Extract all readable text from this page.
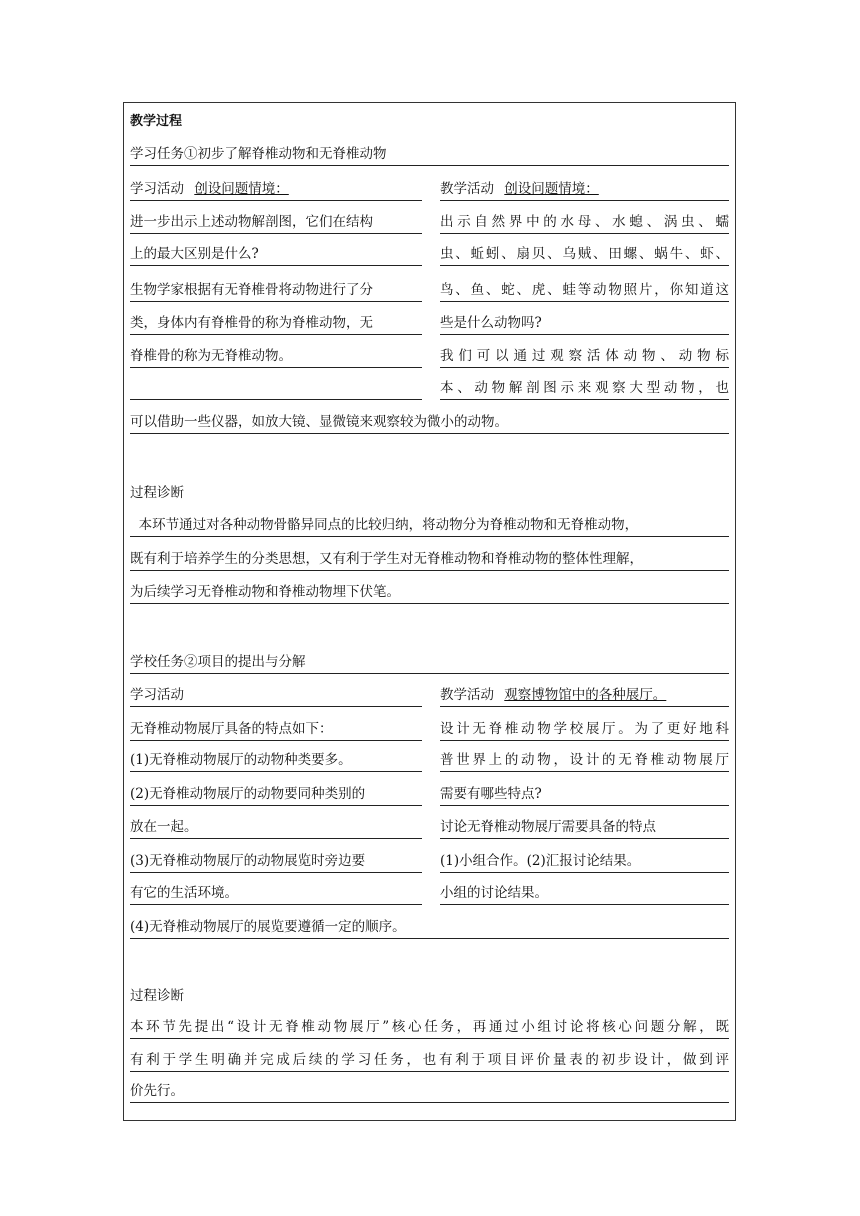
教学过程
学习任务①初步了解脊椎动物和无脊椎动物
学习活动 创设问题情境：	教学活动 创设问题情境：
进一步出示上述动物解剖图，它们在结构
上的最大区别是什么?
生物学家根据有无脊椎骨将动物进行了分
类，身体内有脊椎骨的称为脊椎动物，无
脊椎骨的称为无脊椎动物。
出示自然界中的水母、水螅、涡虫、蠕
虫、蚯蚓、扇贝、乌贼、田螺、蜗牛、虾、
鸟、鱼、蛇、虎、蛙等动物照片，你知道这
些是什么动物吗?
我们可以通过观察活体动物、动物标
本、动物解剖图示来观察大型动物，也
可以借助一些仪器，如放大镜、显微镜来观察较为微小的动物。
过程诊断
本环节通过对各种动物骨骼异同点的比较归纳，将动物分为脊椎动物和无脊椎动物，
既有利于培养学生的分类思想，又有利于学生对无脊椎动物和脊椎动物的整体性理解，
为后续学习无脊椎动物和脊椎动物埋下伏笔。
学校任务②项目的提出与分解
学习活动	教学活动 观察博物馆中的各种展厅。
无脊椎动物展厅具备的特点如下：
(1)无脊椎动物展厅的动物种类要多。
(2)无脊椎动物展厅的动物要同种类别的
放在一起。
(3)无脊椎动物展厅的动物展览时旁边要
有它的生活环境。
设计无脊椎动物学校展厅。为了更好地科
普世界上的动物，设计的无脊椎动物展厅
需要有哪些特点?
讨论无脊椎动物展厅需要具备的特点
(1)小组合作。(2)汇报讨论结果。
小组的讨论结果。
(4)无脊椎动物展厅的展览要遵循一定的顺序。
过程诊断
本环节先提出“设计无脊椎动物展厅”核心任务，再通过小组讨论将核心问题分解，既
有利于学生明确并完成后续的学习任务，也有利于项目评价量表的初步设计，做到评
价先行。
